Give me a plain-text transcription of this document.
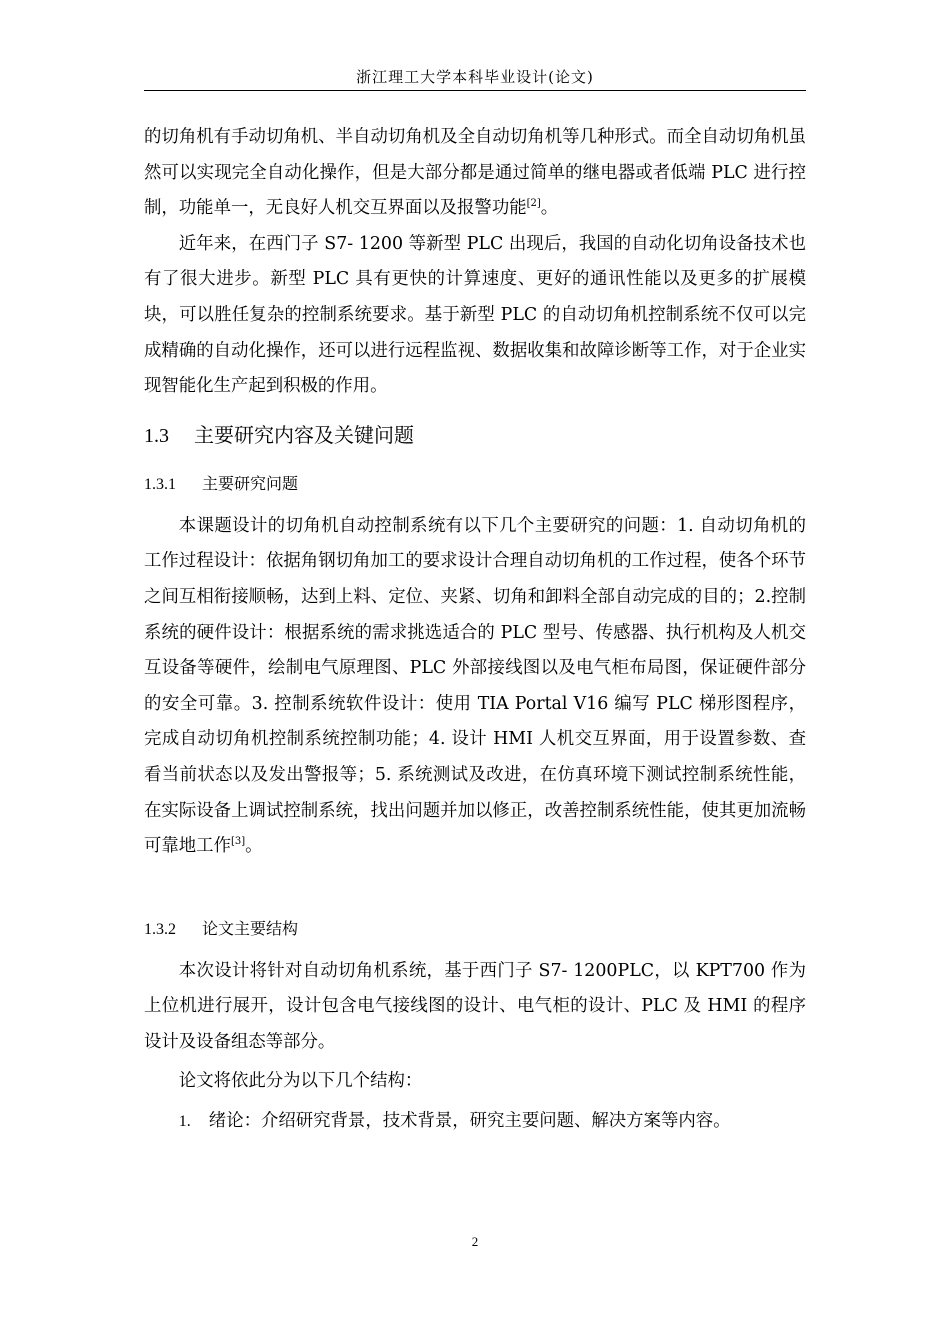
浙江理工大学本科毕业设计(论文)

的切角机有手动切角机、半自动切角机及全自动切角机等几种形式。而全自动切角机虽然可以实现完全自动化操作，但是大部分都是通过简单的继电器或者低端 PLC 进行控制，功能单一，无良好人机交互界面以及报警功能[2]。

近年来，在西门子 S7- 1200 等新型 PLC 出现后，我国的自动化切角设备技术也有了很大进步。新型 PLC 具有更快的计算速度、更好的通讯性能以及更多的扩展模块，可以胜任复杂的控制系统要求。基于新型 PLC 的自动切角机控制系统不仅可以完成精确的自动化操作，还可以进行远程监视、数据收集和故障诊断等工作，对于企业实现智能化生产起到积极的作用。

1.3 主要研究内容及关键问题
1.3.1 主要研究问题

本课题设计的切角机自动控制系统有以下几个主要研究的问题：1. 自动切角机的工作过程设计：依据角钢切角加工的要求设计合理自动切角机的工作过程，使各个环节之间互相衔接顺畅，达到上料、定位、夹紧、切角和卸料全部自动完成的目的；2.控制系统的硬件设计：根据系统的需求挑选适合的 PLC 型号、传感器、执行机构及人机交互设备等硬件，绘制电气原理图、PLC 外部接线图以及电气柜布局图，保证硬件部分的安全可靠。3. 控制系统软件设计：使用 TIA Portal V16 编写 PLC 梯形图程序，完成自动切角机控制系统控制功能；4. 设计 HMI 人机交互界面，用于设置参数、查看当前状态以及发出警报等；5. 系统测试及改进，在仿真环境下测试控制系统性能，在实际设备上调试控制系统，找出问题并加以修正，改善控制系统性能，使其更加流畅可靠地工作[3]。

1.3.2 论文主要结构

本次设计将针对自动切角机系统，基于西门子 S7- 1200PLC，以 KPT700 作为上位机进行展开，设计包含电气接线图的设计、电气柜的设计、PLC 及 HMI 的程序设计及设备组态等部分。

论文将依此分为以下几个结构：

1. 绪论：介绍研究背景，技术背景，研究主要问题、解决方案等内容。

2
